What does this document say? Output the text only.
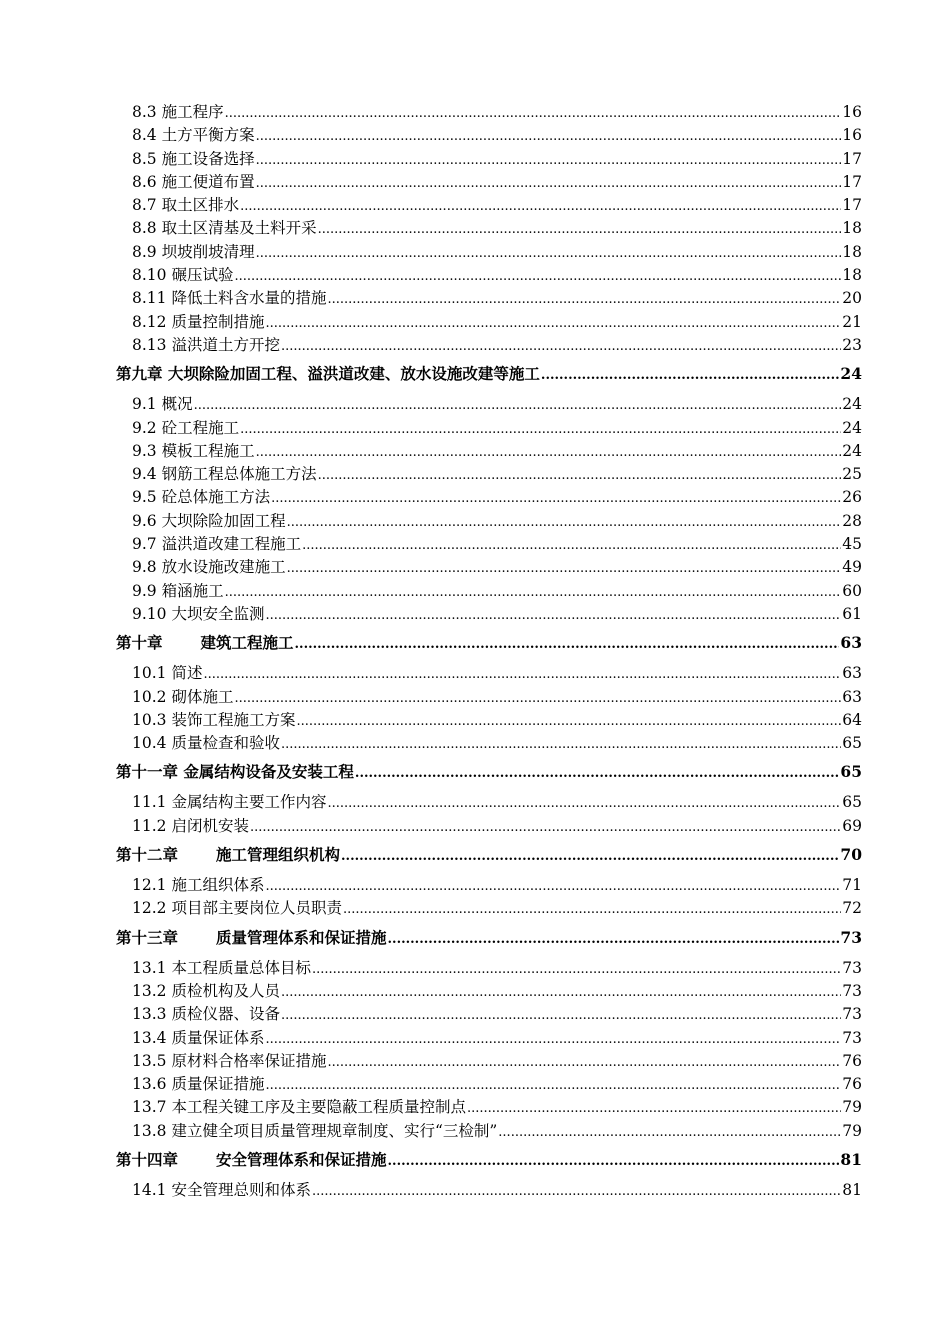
8.3 施工程序 .....	16
8.4 土方平衡方案 .....	16
8.5 施工设备选择 .....	17
8.6 施工便道布置 .....	17
8.7 取土区排水 .....	17
8.8 取土区清基及土料开采 .....	18
8.9 坝坡削坡清理 .....	18
8.10 碾压试验 .....	18
8.11 降低土料含水量的措施 .....	20
8.12 质量控制措施 .....	21
8.13 溢洪道土方开挖 .....	23
第九章 大坝除险加固工程、溢洪道改建、放水设施改建等施工 .....	24
9.1 概况 .....	24
9.2 砼工程施工 .....	24
9.3 模板工程施工 .....	24
9.4 钢筋工程总体施工方法 .....	25
9.5 砼总体施工方法 .....	26
9.6 大坝除险加固工程 .....	28
9.7 溢洪道改建工程施工 .....	45
9.8 放水设施改建施工 .....	49
9.9 箱涵施工 .....	60
9.10 大坝安全监测 .....	61
第十章 建筑工程施工 .....	63
10.1 简述 .....	63
10.2 砌体施工 .....	63
10.3 装饰工程施工方案 .....	64
10.4 质量检查和验收 .....	65
第十一章 金属结构设备及安装工程 .....	65
11.1 金属结构主要工作内容 .....	65
11.2 启闭机安装 .....	69
第十二章 施工管理组织机构 .....	70
12.1 施工组织体系 .....	71
12.2 项目部主要岗位人员职责 .....	72
第十三章 质量管理体系和保证措施 .....	73
13.1 本工程质量总体目标 .....	73
13.2 质检机构及人员 .....	73
13.3 质检仪器、设备 .....	73
13.4 质量保证体系 .....	73
13.5 原材料合格率保证措施 .....	76
13.6 质量保证措施 .....	76
13.7 本工程关键工序及主要隐蔽工程质量控制点 .....	79
13.8 建立健全项目质量管理规章制度、实行“三检制” .....	79
第十四章 安全管理体系和保证措施 .....	81
14.1 安全管理总则和体系 .....	81
